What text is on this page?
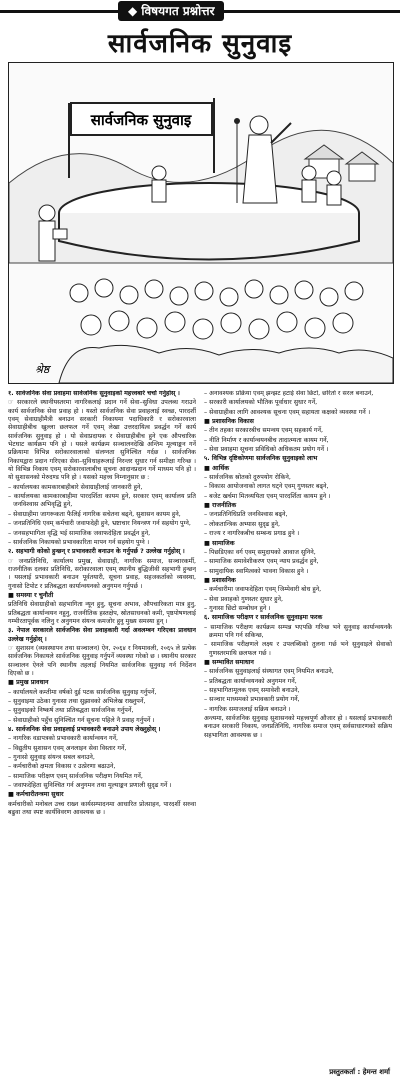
◆ विषयगत प्रश्नोत्तर
सार्वजनिक सुनुवाइ
सार्वजनिक सुनुवाइ
श्रेष्ठ

१. सार्वजनिक सेवा प्रवाहमा सार्वजनिक सुनुवाइको महत्त्वबारे चर्चा गर्नुहोस् ।

☞ सरकारले स्थानीयस्तरमा नागरिकलाई प्रदान गर्ने सेवा–सुविधा उपलब्ध गराउने कार्य सार्वजनिक सेवा प्रवाह हो । यस्तो सार्वजनिक सेवा प्रवाहलाई स्वच्छ, पारदर्शी एवम् सेवाग्राहीमैत्री बनाउन सरकारी निकायमा पदाधिकारी र सरोकारवाला सेवाग्राहीबीच खुल्ला छलफल गर्ने एवम् लेखा उत्तरदायित्व प्रवर्द्धन गर्ने कार्य सार्वजनिक सुनुवाइ हो । यो सेवाप्रदायक र सेवाग्राहीबीच हुने एक औपचारिक भेटघाट कार्यक्रम पनि हो । यसले कार्यक्रम सञ्चालनदेखि अन्तिम मूल्याङ्कन गर्ने प्रक्रियामा विभिन्न सरोकारवालाको संलग्नता सुनिश्चित गर्दछ । सार्वजनिक निकायद्वारा प्रदान गरिएका सेवा–सुविधाहरूलाई निरन्तर सुधार गर्न समीक्षा गरिन्छ । यो विभिन्न निकाय एवम् सरोकारवालाबीच सूचना आदानप्रदान गर्ने माध्यम पनि हो । यो सुशासनको मेरुदण्ड पनि हो । यसको महत्त्व निम्नानुसार छ :

– कार्यालयका कामकारबाहीबारे सेवाग्राहीलाई जानकारी हुने,

– कार्यालयका कामकारबाहीमा पारदर्शिता कायम हुने, सरकार एवम् कार्यालय प्रति जनविश्वास अभिवृद्धि हुने,

– सेवाग्राहीमा जागरूकता फैलिई नागरिक सचेतना बढ्ने, सुशासन कायम हुने,

– जनप्रतिनिधि एवम् कर्मचारी जवाफदेही हुने, भ्रष्टाचार नियन्त्रण गर्न सहयोग पुग्ने,

– जनसहभागिता वृद्धि भई सामाजिक जवाफदेहिता प्रवर्द्धन हुने,

– सार्वजनिक निकायको प्रभावकारिता मापन गर्न सहयोग पुग्ने ।

२. सहभागी कोको हुन्छन् र प्रभावकारी बनाउन के गर्नुपर्छ ? उल्लेख गर्नुहोस् ।

☞ जनप्रतिनिधि, कार्यालय प्रमुख, सेवाग्राही, नागरिक समाज, सञ्चारकर्मी, राजनीतिक दलका प्रतिनिधि, सरोकारवाला एवम् स्थानीय बुद्धिजीवी सहभागी हुन्छन् । यसलाई प्रभावकारी बनाउन पूर्वतयारी, सूचना प्रवाह, सहजकर्ताको व्यवस्था, गुनासो टिपोट र प्रतिबद्धता कार्यान्वयनको अनुगमन गर्नुपर्छ ।

■ समस्या र चुनौती

प्रतिनिधि सेवाग्राहीको सहभागिता न्यून हुनु, सूचना अभाव, औपचारिकता मात्र हुनु, प्रतिबद्धता कार्यान्वयन नहुनु, राजनीतिक हस्तक्षेप, स्रोतसाधनको कमी, पृष्ठपोषणलाई गम्भीरतापूर्वक नलिनु र अनुगमन संयन्त्र कमजोर हुनु मुख्य समस्या हुन् ।

३. नेपाल सरकारले सार्वजनिक सेवा प्रवाहकारी गर्दा अवलम्बन गरिएका प्रावधान उल्लेख गर्नुहोस् ।

☞ सुशासन (व्यवस्थापन तथा सञ्चालन) ऐन, २०६४ र नियमावली, २०६५ ले प्रत्येक सार्वजनिक निकायले सार्वजनिक सुनुवाइ गर्नुपर्ने व्यवस्था गरेको छ । स्थानीय सरकार सञ्चालन ऐनले पनि स्थानीय तहलाई नियमित सार्वजनिक सुनुवाइ गर्न निर्देशन दिएको छ ।

■ प्रमुख प्रावधान

– कार्यालयले कम्तीमा वर्षको दुई पटक सार्वजनिक सुनुवाइ गर्नुपर्ने,

– सुनुवाइमा उठेका गुनासा तथा सुझावको अभिलेख राख्नुपर्ने,

– सुनुवाइको निष्कर्ष तथा प्रतिबद्धता सार्वजनिक गर्नुपर्ने,

– सेवाग्राहीको पहुँच सुनिश्चित गर्न सूचना पहिले नै प्रवाह गर्नुपर्ने ।

४. सार्वजनिक सेवा प्रवाहलाई प्रभावकारी बनाउने उपाय लेख्नुहोस् ।

– नागरिक वडापत्रको प्रभावकारी कार्यान्वयन गर्ने,

– विद्युतीय सुशासन एवम् अनलाइन सेवा विस्तार गर्ने,

– गुनासो सुनुवाइ संयन्त्र सबल बनाउने,

– कर्मचारीको क्षमता विकास र उत्प्रेरणा बढाउने,

– सामाजिक परीक्षण एवम् सार्वजनिक परीक्षण नियमित गर्ने,

– जवाफदेहिता सुनिश्चित गर्न अनुगमन तथा मूल्याङ्कन प्रणाली सुदृढ गर्ने ।

■ कर्मचारीतन्त्रमा सुधार

कर्मचारीको मनोबल उच्च राख्न कार्यसम्पादनमा आधारित प्रोत्साहन, पारदर्शी सरुवा बढुवा तथा स्पष्ट कार्यविवरण आवश्यक छ ।

– अनावश्यक प्रक्रिया एवम् झन्झट हटाई सेवा छिटो, छरितो र सरल बनाउने,

– सरकारी कार्यालयको भौतिक पूर्वाधार सुधार गर्ने,

– सेवाग्राहीका लागि आवश्यक सूचना एवम् सहायता कक्षको व्यवस्था गर्ने ।

■ प्रशासनिक विकास

– तीन तहका सरकारबीच समन्वय एवम् सहकार्य गर्ने,

– नीति निर्माण र कार्यान्वयनबीच तादात्म्यता कायम गर्ने,

– सेवा प्रवाहमा सूचना प्रविधिको अधिकतम प्रयोग गर्ने ।

५. विभिन्न दृष्टिकोणमा सार्वजनिक सुनुवाइको लाभ

■ आर्थिक

– सार्वजनिक स्रोतको दुरुपयोग रोकिने,

– विकास आयोजनाको लागत घट्ने एवम् गुणस्तर बढ्ने,

– बजेट खर्चमा मितव्ययिता एवम् पारदर्शिता कायम हुने ।

■ राजनीतिक

– जनप्रतिनिधिप्रति जनविश्वास बढ्ने,

– लोकतान्त्रिक अभ्यास सुदृढ हुने,

– राज्य र नागरिकबीच सम्बन्ध प्रगाढ हुने ।

■ सामाजिक

– पिछडिएका वर्ग एवम् समुदायको आवाज सुनिने,

– सामाजिक समावेशीकरण एवम् न्याय प्रवर्द्धन हुने,

– सामुदायिक स्वामित्वको भावना विकास हुने ।

■ प्रशासनिक

– कर्मचारीमा जवाफदेहिता एवम् जिम्मेवारी बोध हुने,

– सेवा प्रवाहको गुणस्तर सुधार हुने,

– गुनासा छिटो सम्बोधन हुने ।

६. सामाजिक परीक्षण र सार्वजनिक सुनुवाइमा फरक

– सामाजिक परीक्षण कार्यक्रम सम्पन्न भएपछि गरिन्छ भने सुनुवाइ कार्यान्वयनकै क्रममा पनि गर्न सकिन्छ,

– सामाजिक परीक्षणले लक्ष्य र उपलब्धिको तुलना गर्छ भने सुनुवाइले सेवाको गुणस्तरमाथि छलफल गर्छ ।

■ सम्भावित समाधान

– सार्वजनिक सुनुवाइलाई संस्थागत एवम् नियमित बनाउने,

– प्रतिबद्धता कार्यान्वयनको अनुगमन गर्ने,

– सहभागितामूलक एवम् समावेशी बनाउने,

– सञ्चार माध्यमको प्रभावकारी प्रयोग गर्ने,

– नागरिक समाजलाई सक्रिय बनाउने ।

अन्त्यमा, सार्वजनिक सुनुवाइ सुशासनको महत्त्वपूर्ण औजार हो । यसलाई प्रभावकारी बनाउन सरकारी निकाय, जनप्रतिनिधि, नागरिक समाज एवम् सर्वसाधारणको सक्रिय सहभागिता आवश्यक छ ।

प्रस्तुतकर्ता : हेमन्त शर्मा
